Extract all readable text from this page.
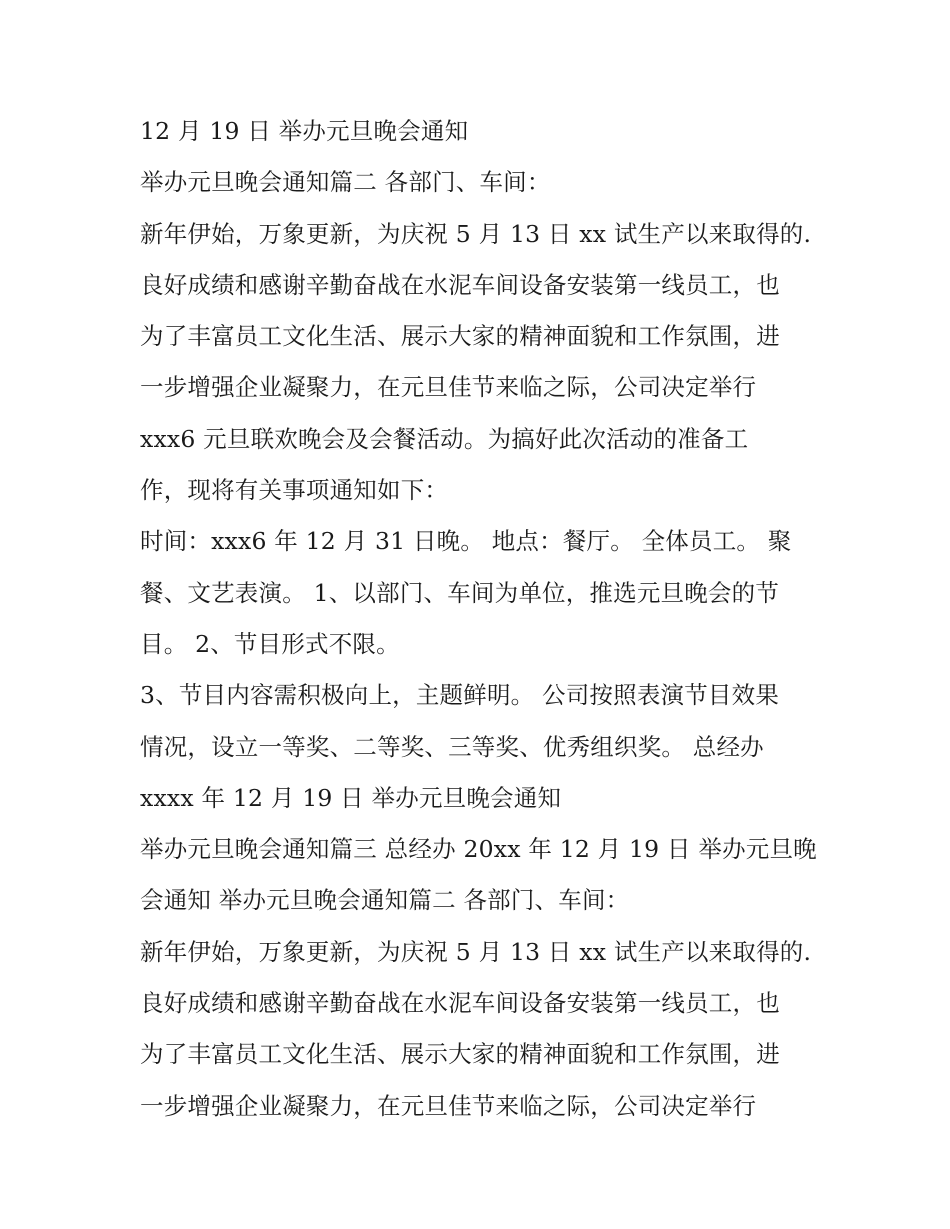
12 月 19 日 举办元旦晚会通知
举办元旦晚会通知篇二 各部门、车间：
新年伊始，万象更新，为庆祝 5 月 13 日 xx 试生产以来取得的.
良好成绩和感谢辛勤奋战在水泥车间设备安装第一线员工，也
为了丰富员工文化生活、展示大家的精神面貌和工作氛围，进
一步增强企业凝聚力，在元旦佳节来临之际，公司决定举行
xxx6 元旦联欢晚会及会餐活动。为搞好此次活动的准备工
作，现将有关事项通知如下：
时间：xxx6 年 12 月 31 日晚。 地点：餐厅。 全体员工。 聚
餐、文艺表演。 1、以部门、车间为单位，推选元旦晚会的节
目。 2、节目形式不限。
3、节目内容需积极向上，主题鲜明。 公司按照表演节目效果
情况，设立一等奖、二等奖、三等奖、优秀组织奖。 总经办
xxxx 年 12 月 19 日 举办元旦晚会通知
举办元旦晚会通知篇三 总经办 20xx 年 12 月 19 日 举办元旦晚
会通知 举办元旦晚会通知篇二 各部门、车间：
新年伊始，万象更新，为庆祝 5 月 13 日 xx 试生产以来取得的.
良好成绩和感谢辛勤奋战在水泥车间设备安装第一线员工，也
为了丰富员工文化生活、展示大家的精神面貌和工作氛围，进
一步增强企业凝聚力，在元旦佳节来临之际，公司决定举行
